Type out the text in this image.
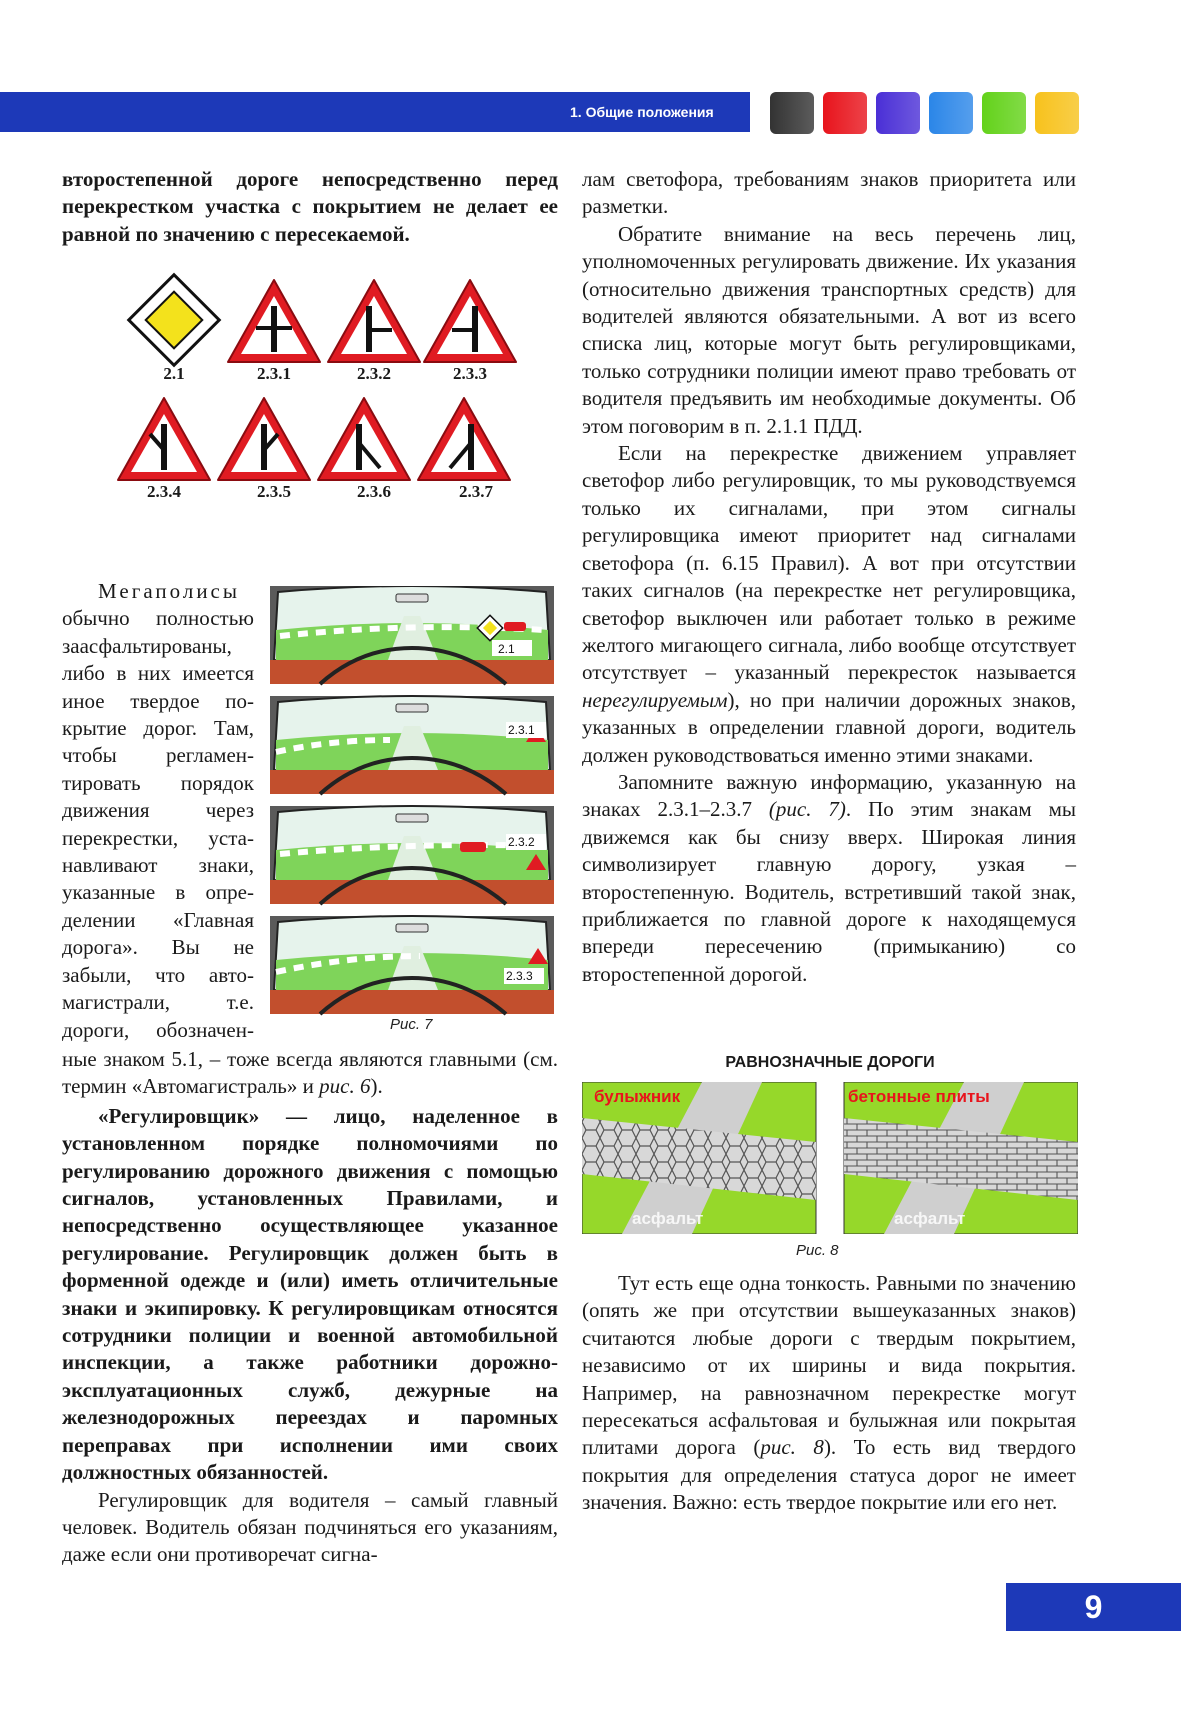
1. Общие положения

второстепенной дороге непосредственно перед перекрестком участка с покрытием не делает ее равной по значению с пересекаемой.

2.1	2.3.1	2.3.2	2.3.3
2.3.4	2.3.5	2.3.6	2.3.7
Мегаполисы
обычно полностью
заасфальтированы,
либо в них имеется
иное твердое по-
крытие дорог. Там,
чтобы регламен-
тировать порядок
движения через
перекрестки, уста-
навливают знаки,
указанные в опре-
делении «Главная
дорога». Вы не
забыли, что авто-
магистрали, т.е.
дороги, обозначен-
2.1
2.3.1
2.3.2
2.3.3
Рис. 7

ные знаком 5.1, – тоже всегда являются главными (см. термин «Автомагистраль» и рис. 6).

«Регулировщик» — лицо, наделенное в установленном порядке полномочиями по регулированию дорожного движения с помощью сигналов, установленных Правилами, и непосредственно осуществляющее указанное регулирование. Регулировщик должен быть в форменной одежде и (или) иметь отличительные знаки и экипировку. К регулировщикам относятся сотрудники полиции и военной автомобильной инспекции, а также работники дорожно-эксплуатационных служб, дежурные на железнодорожных переездах и паромных переправах при исполнении ими своих должностных обязанностей.

Регулировщик для водителя – самый главный человек. Водитель обязан подчиняться его указаниям, даже если они противоречат сигна-

лам светофора, требованиям знаков приоритета или разметки.

Обратите внимание на весь перечень лиц, уполномоченных регулировать движение. Их указания (относительно движения транспортных средств) для водителей являются обязательными. А вот из всего списка лиц, которые могут быть регулировщиками, только сотрудники полиции имеют право требовать от водителя предъявить им необходимые документы. Об этом поговорим в п. 2.1.1 ПДД.

Если на перекрестке движением управляет светофор либо регулировщик, то мы руководствуемся только их сигналами, при этом сигналы регулировщика имеют приоритет над сигналами светофора (п. 6.15 Правил). А вот при отсутствии таких сигналов (на перекрестке нет регулировщика, светофор выключен или работает только в режиме желтого мигающего сигнала, либо вообще отсутствует отсутствует – указанный перекресток называется нерегулируемым), но при наличии дорожных знаков, указанных в определении главной дороги, водитель должен руководствоваться именно этими знаками.

Запомните важную информацию, указанную на знаках 2.3.1–2.3.7 (рис. 7). По этим знакам мы движемся как бы снизу вверх. Широкая линия символизирует главную дорогу, узкая – второстепенную. Водитель, встретивший такой знак, приближается по главной дороге к находящемуся впереди пересечению (примыканию) со второстепенной дорогой.

РАВНОЗНАЧНЫЕ ДОРОГИ
булыжник	бетонные плиты
асфальт	асфальт
Рис. 8

Тут есть еще одна тонкость. Равными по значению (опять же при отсутствии вышеуказанных знаков) считаются любые дороги с твердым покрытием, независимо от их ширины и вида покрытия. Например, на равнозначном перекрестке могут пересекаться асфальтовая и булыжная или покрытая плитами дорога (рис. 8). То есть вид твердого покрытия для определения статуса дорог не имеет значения. Важно: есть твердое покрытие или его нет.

9
